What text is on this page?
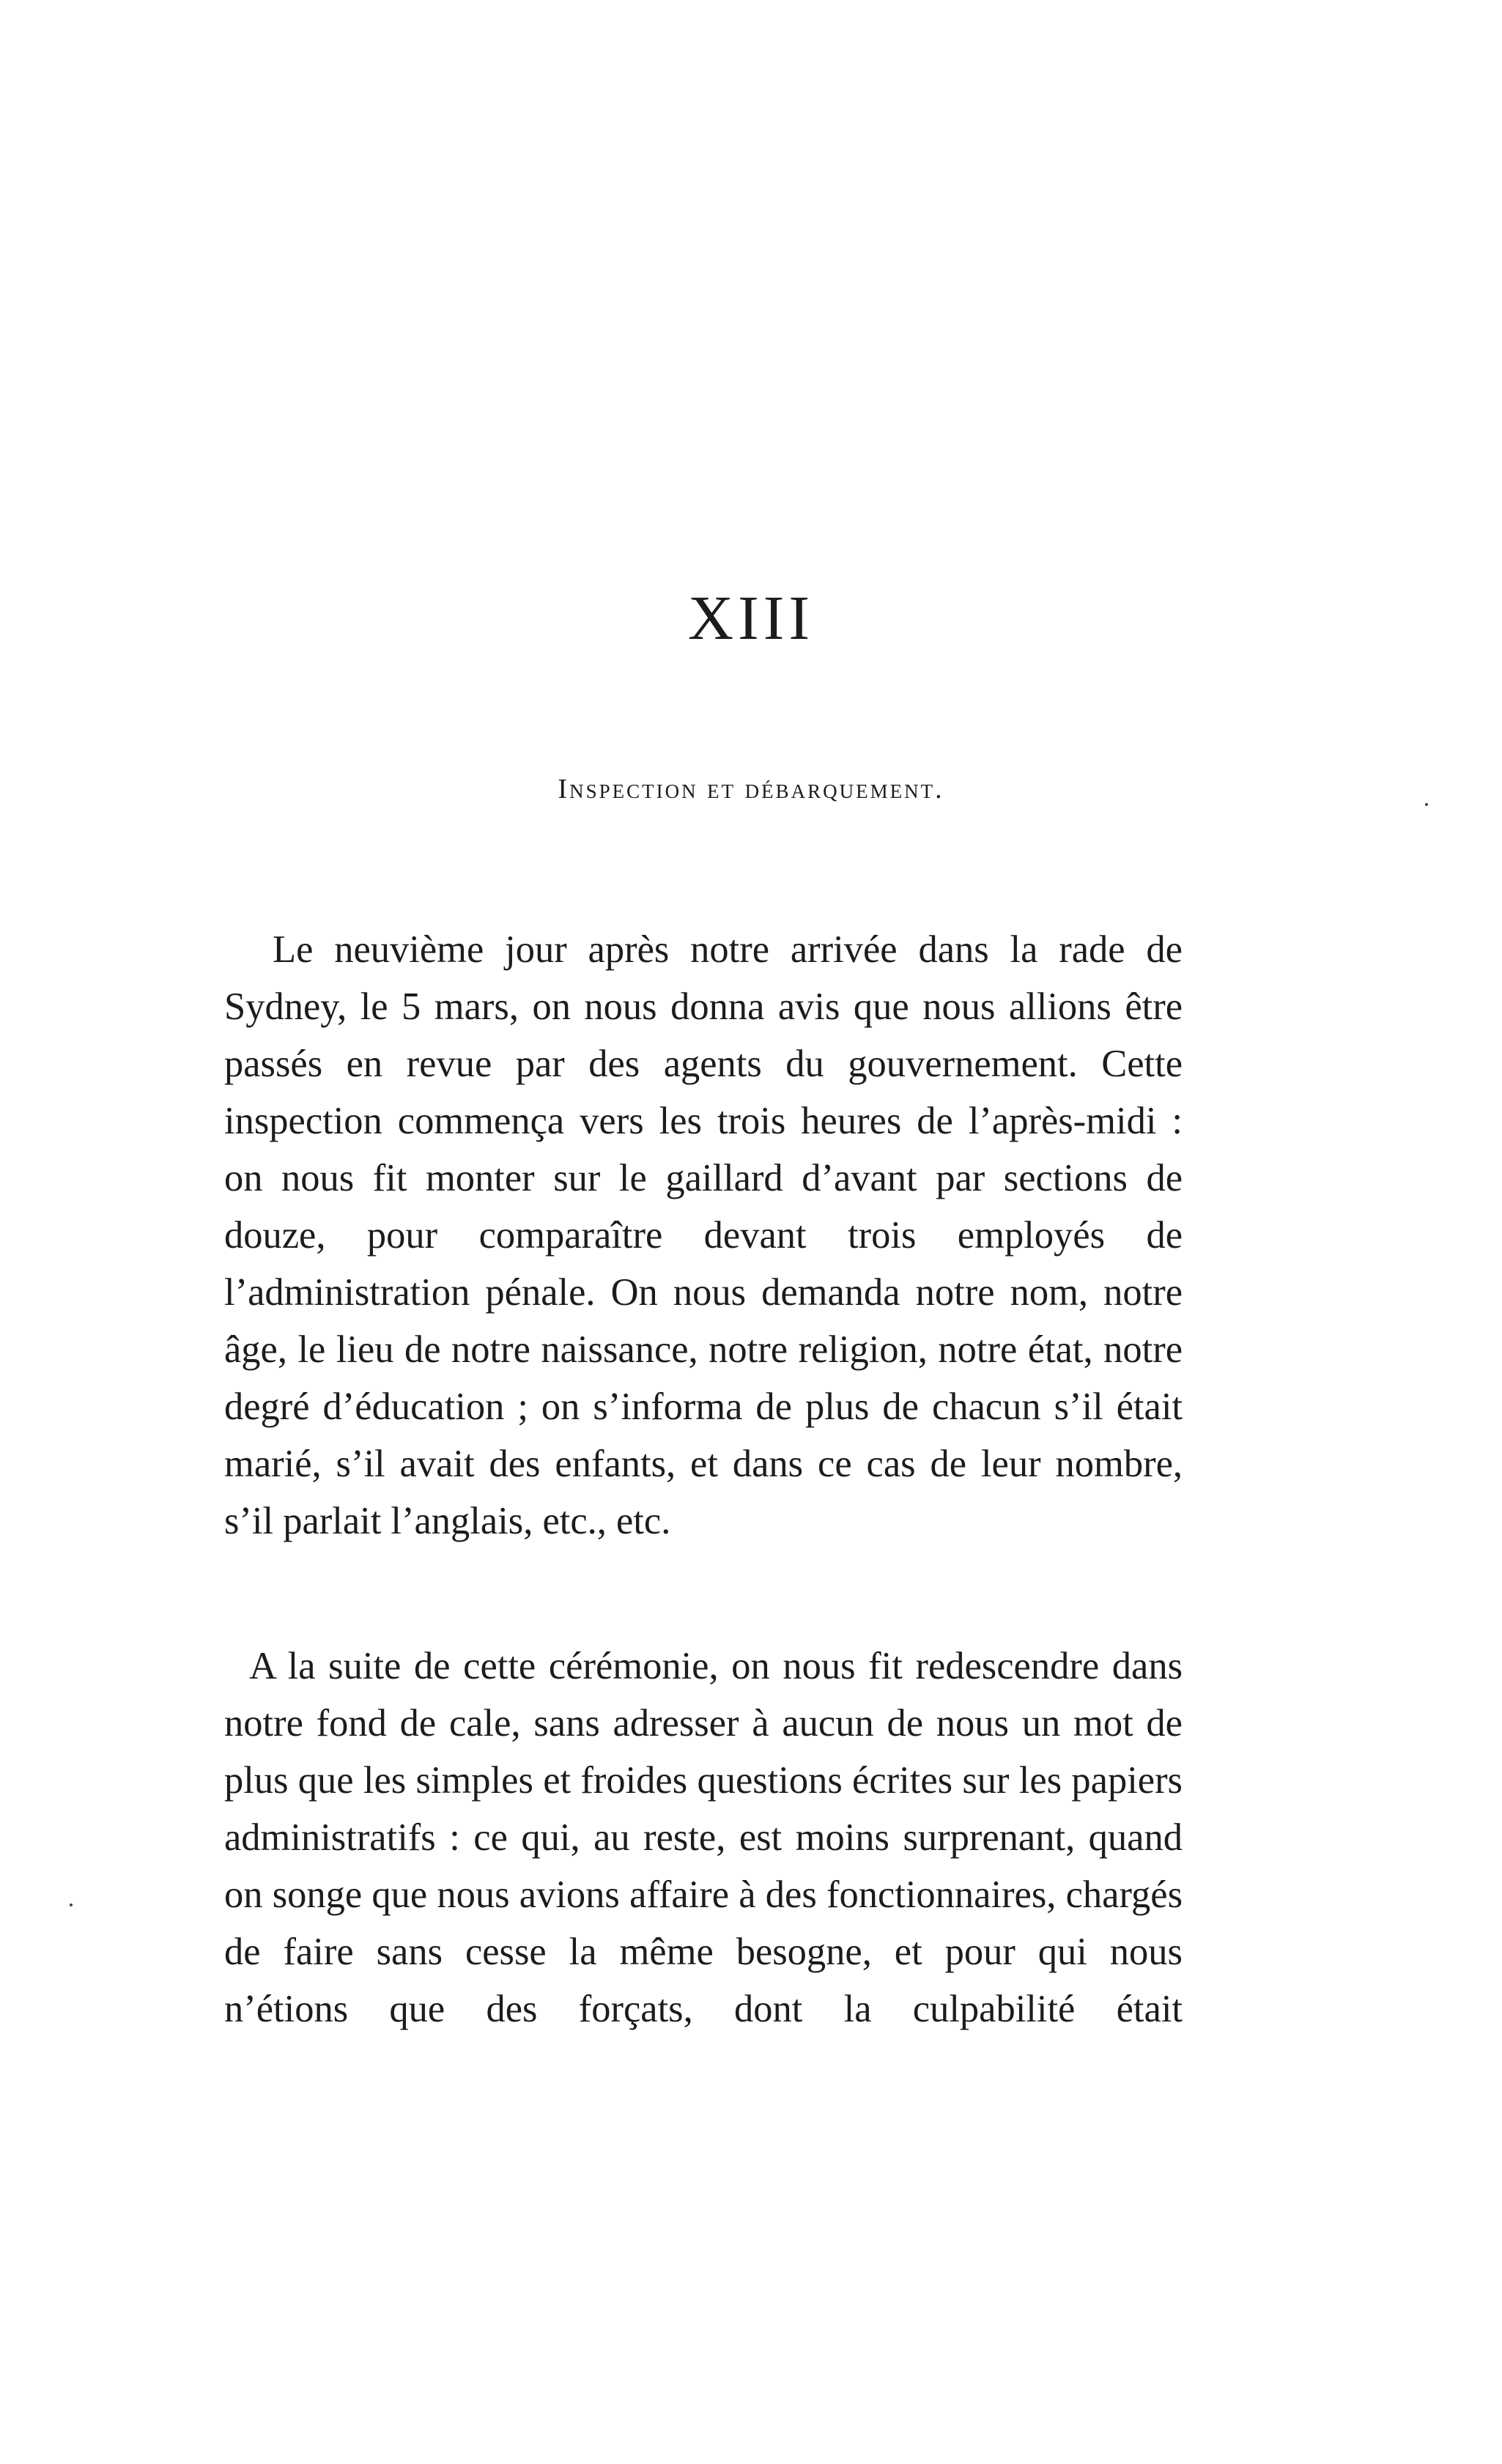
XIII
Inspection et débarquement.

Le neuvième jour après notre arrivée dans la rade de Sydney, le 5 mars, on nous donna avis que nous allions être passés en revue par des agents du gouvernement. Cette inspection commença vers les trois heures de l’après-midi : on nous fit monter sur le gaillard d’avant par sections de douze, pour comparaître devant trois employés de l’administration pénale. On nous demanda notre nom, notre âge, le lieu de notre naissance, notre religion, notre état, notre degré d’éducation ; on s’informa de plus de chacun s’il était marié, s’il avait des enfants, et dans ce cas de leur nombre, s’il parlait l’anglais, etc., etc.

A la suite de cette cérémonie, on nous fit redescendre dans notre fond de cale, sans adresser à aucun de nous un mot de plus que les simples et froides questions écrites sur les papiers administratifs : ce qui, au reste, est moins surprenant, quand on songe que nous avions affaire à des fonctionnaires, chargés de faire sans cesse la même besogne, et pour qui nous n’étions que des forçats, dont la culpabilité était
